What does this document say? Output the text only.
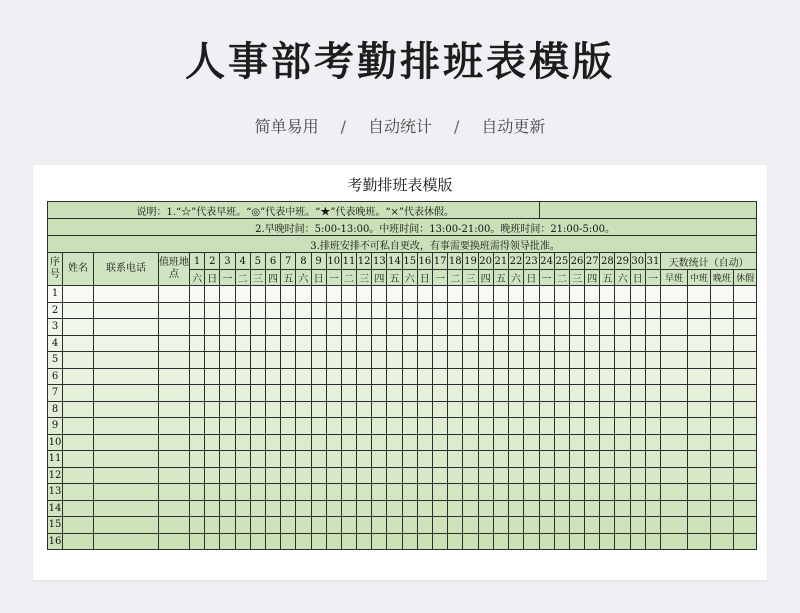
人事部考勤排班表模版
简单易用 / 自动统计 / 自动更新
考勤排班表模版
说明：1.“☆”代表早班。“◎”代表中班。“★”代表晚班。“×”代表休假。																																						
2.早晚时间：5:00-13:00。中班时间：13:00-21:00。晚班时间：21:00-5:00。																																						
3.排班安排不可私自更改，有事需要换班需得领导批准。																																						
序号	姓名	联系电话	值班地点	1	2	3	4	5	6	7	8	9	10	11	12	13	14	15	16	17	18	19	20	21	22	23	24	25	26	27	28	29	30	31	天数统计（自动）			
				六	日	一	二	三	四	五	六	日	一	二	三	四	五	六	日	一	二	三	四	五	六	日	一	二	三	四	五	六	日	一	早班	中班	晚班	休假
1																																						
2																																						
3																																						
4																																						
5																																						
6																																						
7																																						
8																																						
9																																						
10																																						
11																																						
12																																						
13																																						
14																																						
15																																						
16																																						
